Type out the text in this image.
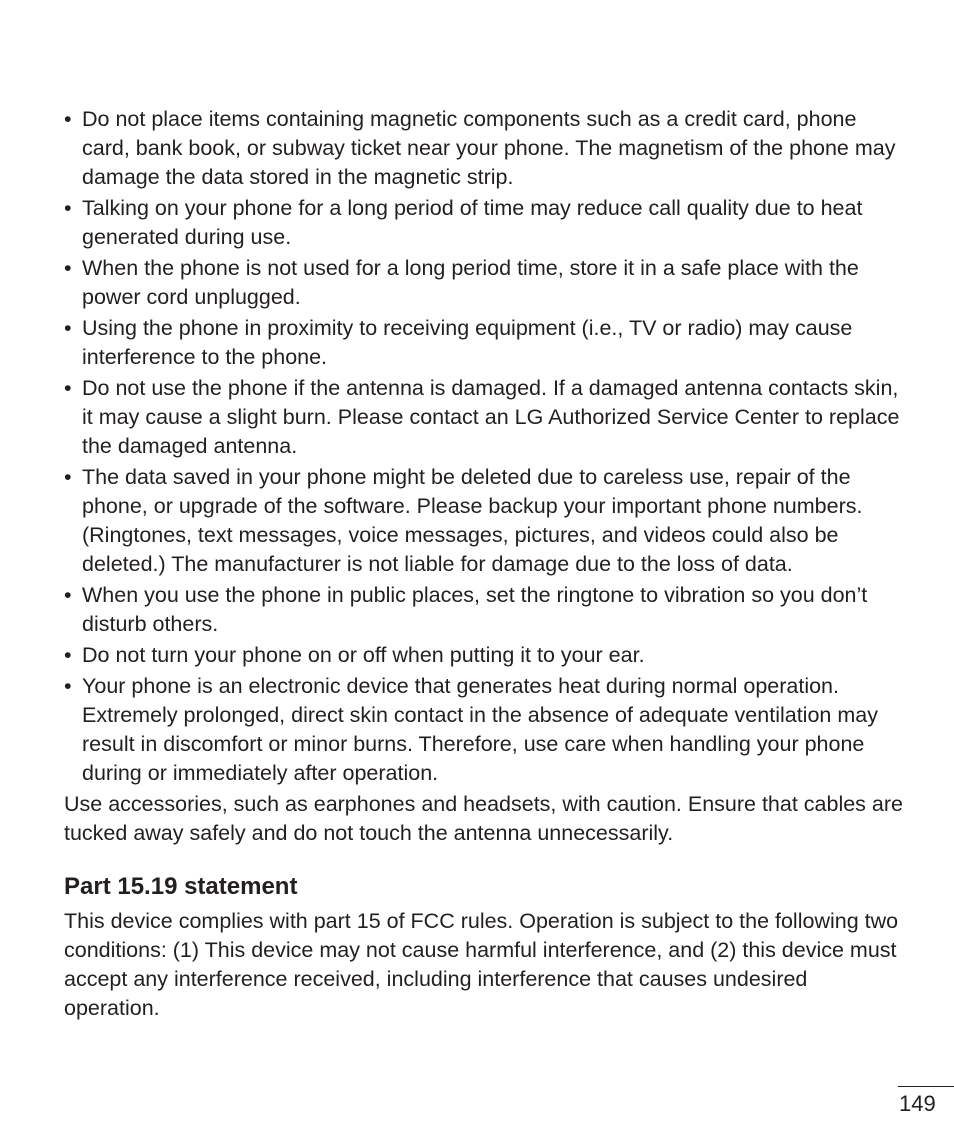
• Do not place items containing magnetic components such as a credit card, phone card, bank book, or subway ticket near your phone. The magnetism of the phone may damage the data stored in the magnetic strip.
• Talking on your phone for a long period of time may reduce call quality due to heat generated during use.
• When the phone is not used for a long period time, store it in a safe place with the power cord unplugged.
• Using the phone in proximity to receiving equipment (i.e., TV or radio) may cause interference to the phone.
• Do not use the phone if the antenna is damaged. If a damaged antenna contacts skin, it may cause a slight burn. Please contact an LG Authorized Service Center to replace the damaged antenna.
• The data saved in your phone might be deleted due to careless use, repair of the phone, or upgrade of the software. Please backup your important phone numbers. (Ringtones, text messages, voice messages, pictures, and videos could also be deleted.) The manufacturer is not liable for damage due to the loss of data.
• When you use the phone in public places, set the ringtone to vibration so you don’t disturb others.
• Do not turn your phone on or off when putting it to your ear.
• Your phone is an electronic device that generates heat during normal operation. Extremely prolonged, direct skin contact in the absence of adequate ventilation may result in discomfort or minor burns. Therefore, use care when handling your phone during or immediately after operation.

Use accessories, such as earphones and headsets, with caution. Ensure that cables are tucked away safely and do not touch the antenna unnecessarily.

Part 15.19 statement

This device complies with part 15 of FCC rules. Operation is subject to the following two conditions: (1) This device may not cause harmful interference, and (2) this device must accept any interference received, including interference that causes undesired operation.

149
